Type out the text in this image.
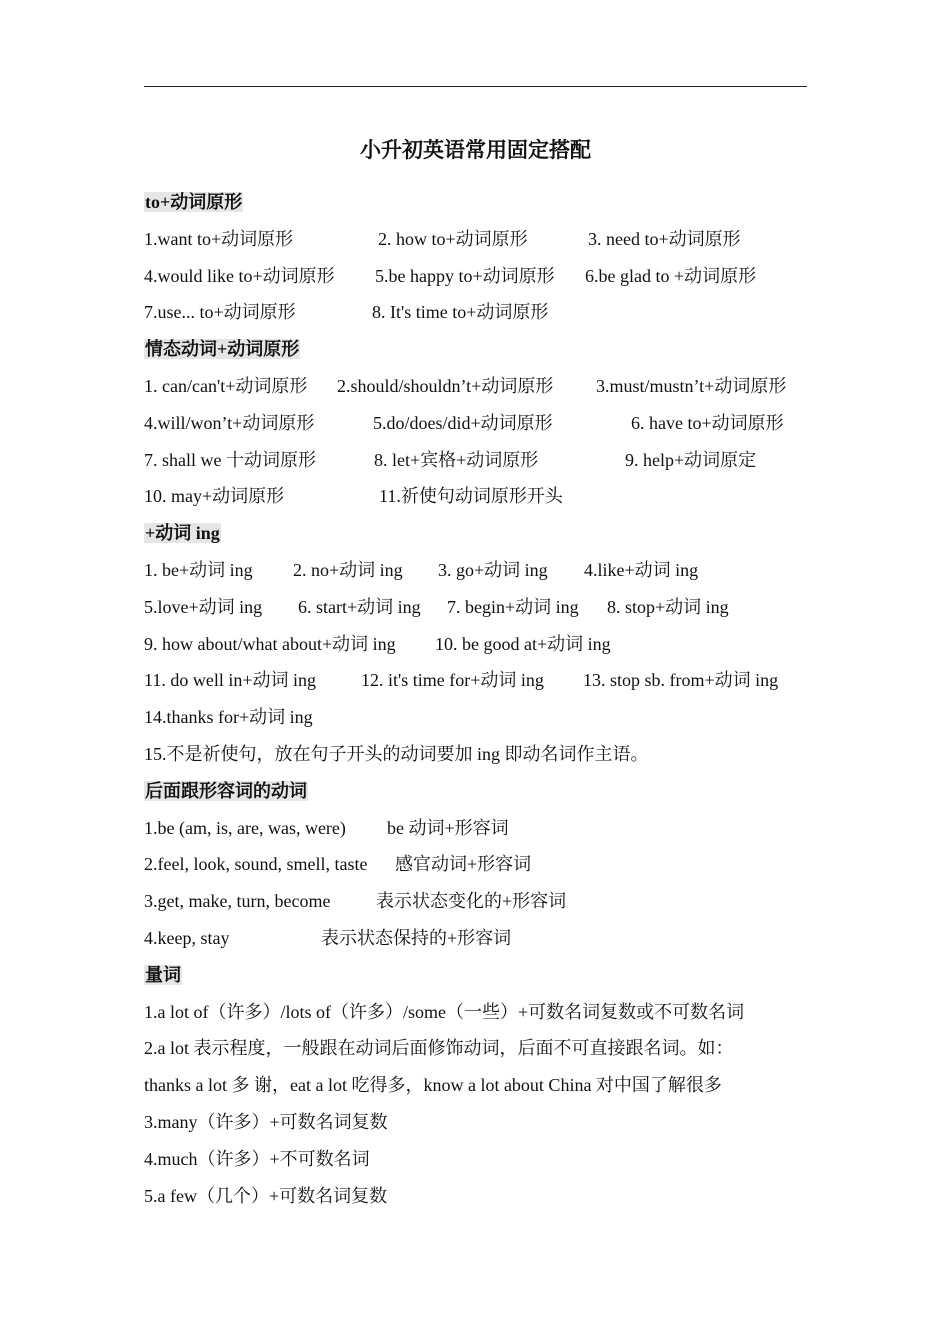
小升初英语常用固定搭配
to+动词原形
1.want to+动词原形	2. how to+动词原形	3. need to+动词原形
4.would like to+动词原形 5.be happy to+动词原形 6.be glad to +动词原形
7.use... to+动词原形	8. It's time to+动词原形
情态动词+动词原形
1. can/can't+动词原形 2.should/shouldn’t+动词原形 3.must/mustn’t+动词原形
4.will/won’t+动词原形	5.do/does/did+动词原形	6. have to+动词原形
7. shall we 十动词原形	8. let+宾格+动词原形	9. help+动词原定
10. may+动词原形	11.祈使句动词原形开头
+动词 ing
1. be+动词 ing 2. no+动词 ing 3. go+动词 ing 4.like+动词 ing
5.love+动词 ing 6. start+动词 ing 7. begin+动词 ing 8. stop+动词 ing
9. how about/what about+动词 ing 10. be good at+动词 ing
11. do well in+动词 ing	12. it's time for+动词 ing 13. stop sb. from+动词 ing
14.thanks for+动词 ing
15.不是祈使句，放在句子开头的动词要加 ing 即动名词作主语。
后面跟形容词的动词
1.be (am, is, are, was, were) be 动词+形容词
2.feel, look, sound, smell, taste 感官动词+形容词
3.get, make, turn, become	表示状态变化的+形容词
4.keep, stay	表示状态保持的+形容词
量词
1.a lot of（许多）/lots of（许多）/some（一些）+可数名词复数或不可数名词
2.a lot 表示程度，一般跟在动词后面修饰动词，后面不可直接跟名词。如：
thanks a lot 多 谢，eat a lot 吃得多，know a lot about China 对中国了解很多
3.many（许多）+可数名词复数
4.much（许多）+不可数名词
5.a few（几个）+可数名词复数
